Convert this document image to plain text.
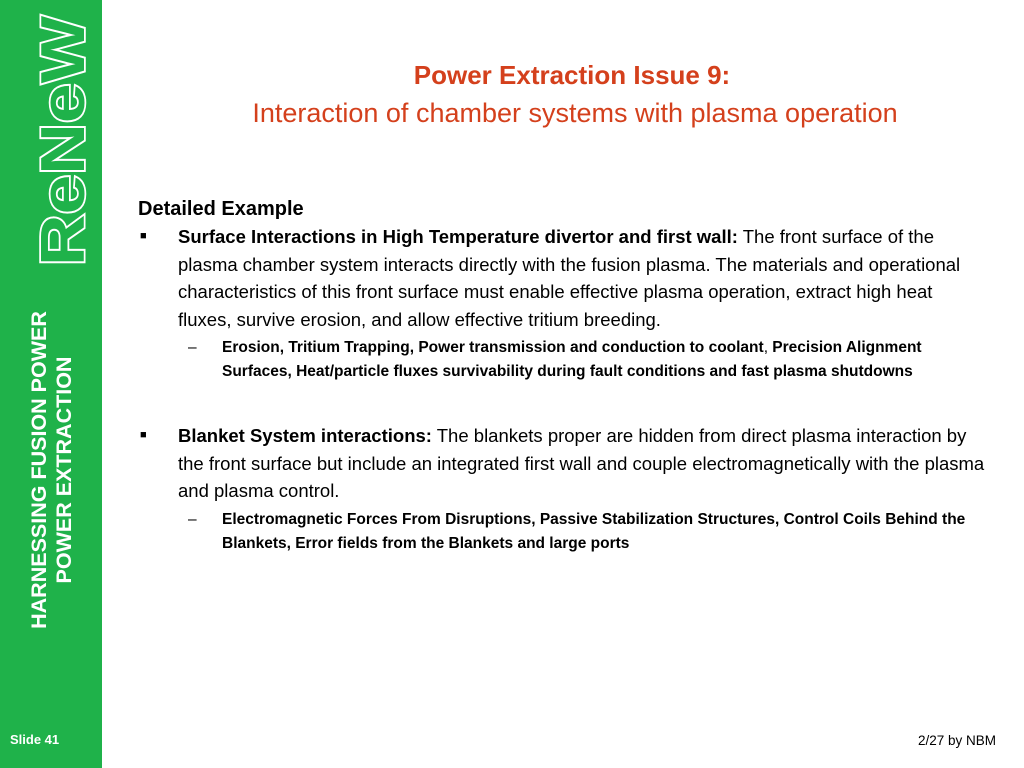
ReNeW
HARNESSING FUSION POWER POWER EXTRACTION
Slide 41
Power Extraction Issue 9:
Interaction of chamber systems with plasma operation
Detailed Example
■ Surface Interactions in High Temperature divertor and first wall: The front surface of the plasma chamber system interacts directly with the fusion plasma. The materials and operational characteristics of this front surface must enable effective plasma operation, extract high heat fluxes, survive erosion, and allow effective tritium breeding.
– Erosion, Tritium Trapping, Power transmission and conduction to coolant, Precision Alignment Surfaces, Heat/particle fluxes survivability during fault conditions and fast plasma shutdowns
■ Blanket System interactions: The blankets proper are hidden from direct plasma interaction by the front surface but include an integrated first wall and couple electromagnetically with the plasma and plasma control.
– Electromagnetic Forces From Disruptions, Passive Stabilization Structures, Control Coils Behind the Blankets, Error fields from the Blankets and large ports
2/27 by NBM
